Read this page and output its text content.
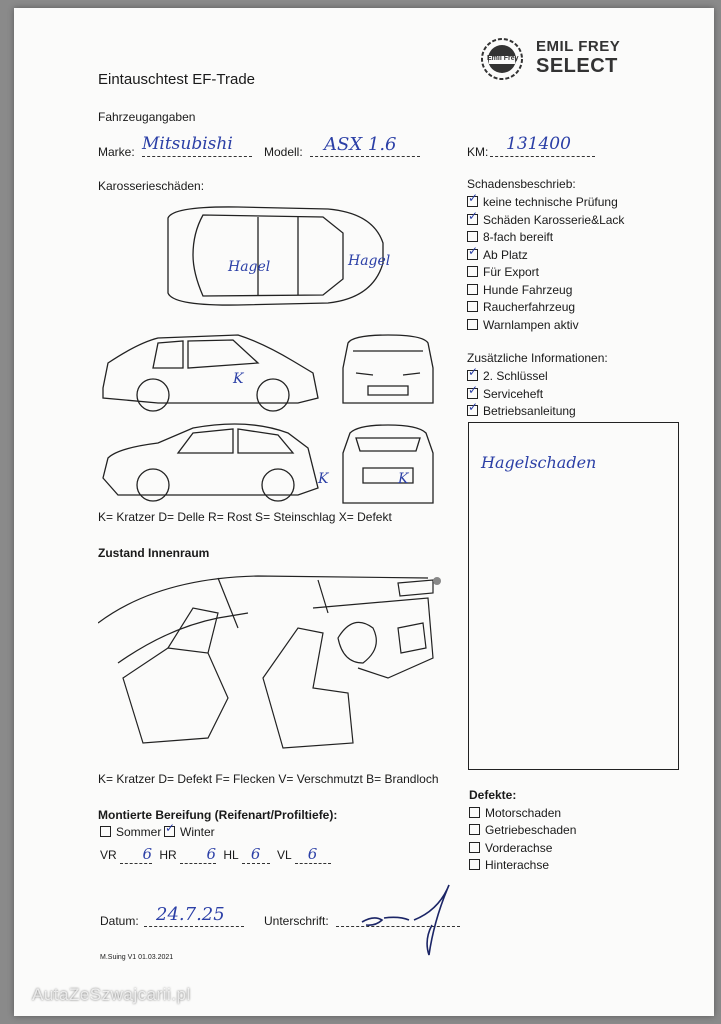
Emil Frey
EMIL FREY
SELECT
Eintauschtest EF-Trade
Fahrzeugangaben
Marke: Mitsubishi	Modell:	ASX 1.6	KM:	131400
Karosserieschäden:
Hagel	Hagel
K
K	K
K= Kratzer D= Delle R= Rost S= Steinschlag X= Defekt
Schadensbeschrieb:
✓keine technische Prüfung
✓Schäden Karosserie&Lack
8-fach bereift
✓Ab Platz
Für Export
Hunde Fahrzeug
Raucherfahrzeug
Warnlampen aktiv
Zusätzliche Informationen:
✓2. Schlüssel
✓Serviceheft
✓Betriebsanleitung
Hagelschaden
Zustand Innenraum
K= Kratzer D= Defekt F= Flecken V= Verschmutzt B= Brandloch
Montierte Bereifung (Reifenart/Profiltiefe):
Sommer
✓	Winter
VR 6 HR 6 HL 6 VL 6
Defekte:
Motorschaden
Getriebeschaden
Vorderachse
Hinterachse
Datum: 24.7.25	Unterschrift:
M.Suing V1 01.03.2021
AutaZeSzwajcarii.pl
